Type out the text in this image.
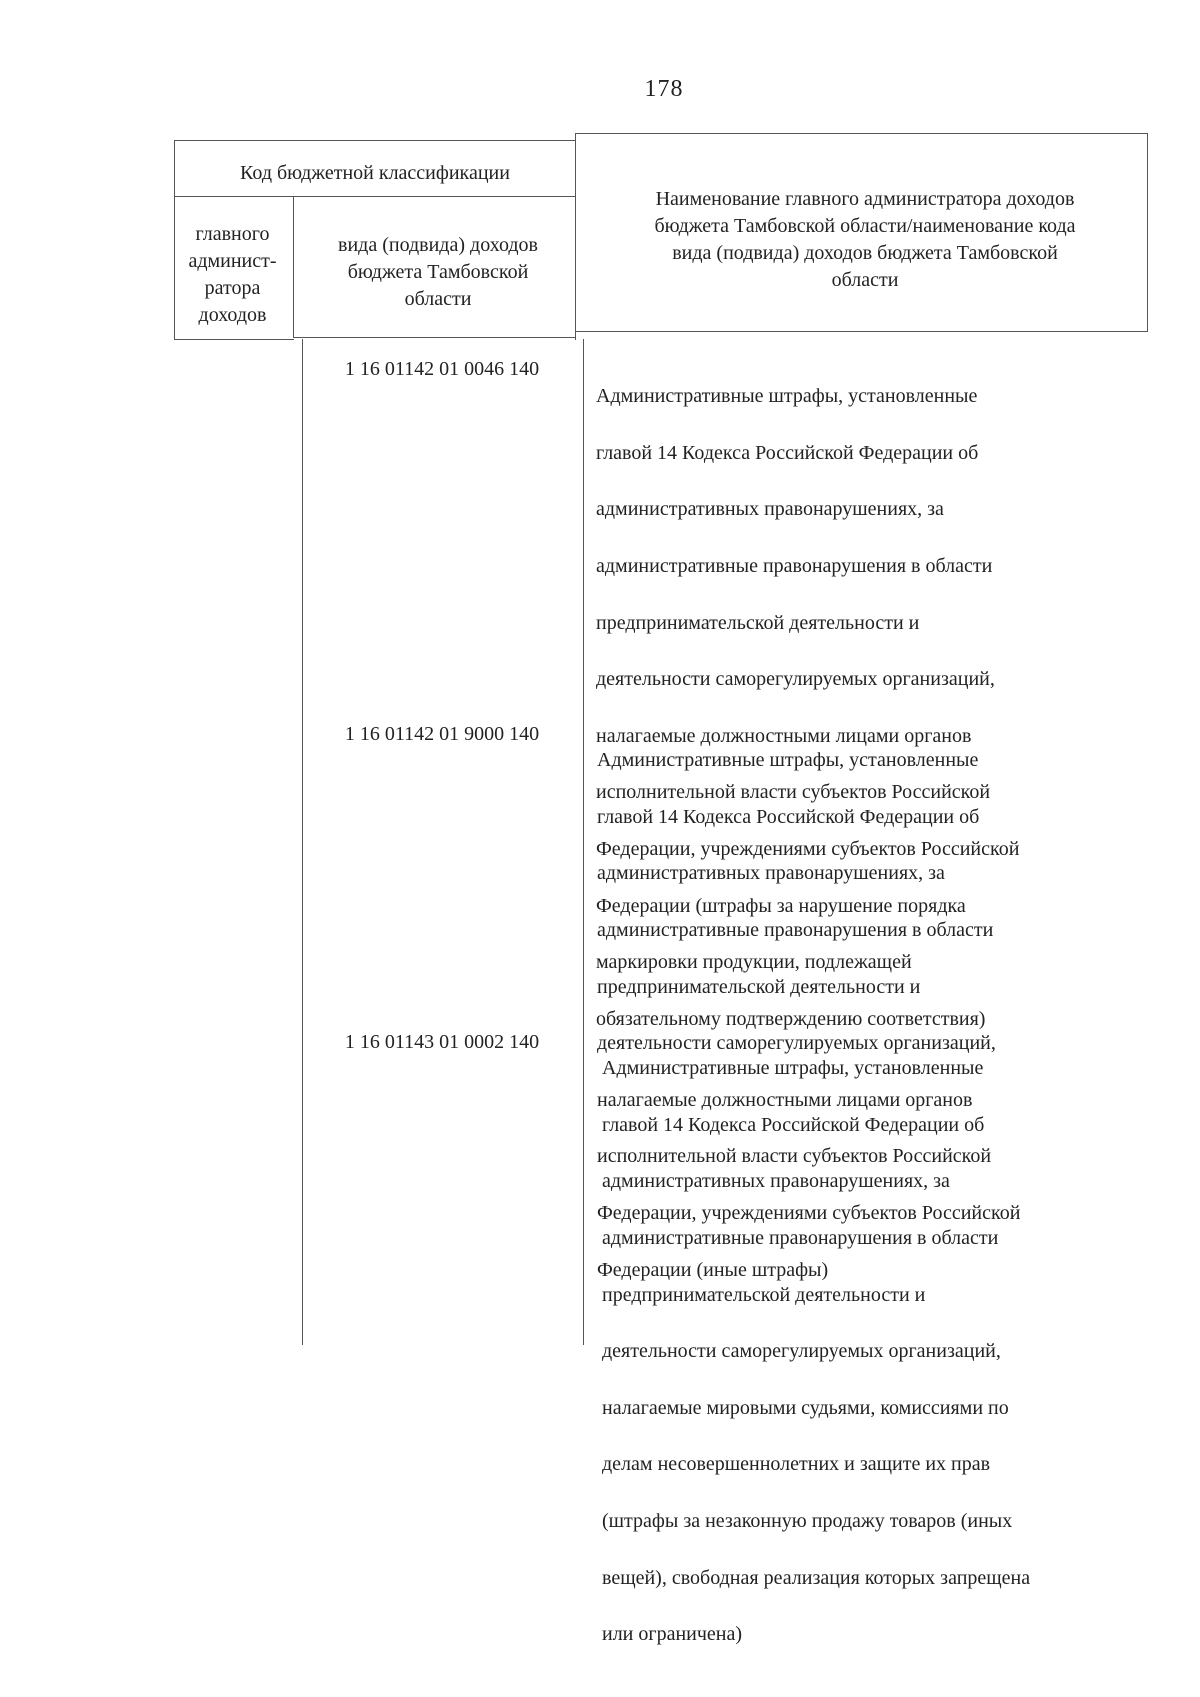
178
Код бюджетной классификации
главного
админист-
ратора
доходов
вида (подвида) доходов
бюджета Тамбовской
области
Наименование главного администратора доходов
бюджета Тамбовской области/наименование кода
вида (подвида) доходов бюджета Тамбовской
области
1 16 01142 01 0046 140

Административные штрафы, установленные

главой 14 Кодекса Российской Федерации об

административных правонарушениях, за

административные правонарушения в области

предпринимательской деятельности и

деятельности саморегулируемых организаций,

налагаемые должностными лицами органов

исполнительной власти субъектов Российской

Федерации, учреждениями субъектов Российской

Федерации (штрафы за нарушение порядка

маркировки продукции, подлежащей

обязательному подтверждению соответствия)

1 16 01142 01 9000 140

Административные штрафы, установленные

главой 14 Кодекса Российской Федерации об

административных правонарушениях, за

административные правонарушения в области

предпринимательской деятельности и

деятельности саморегулируемых организаций,

налагаемые должностными лицами органов

исполнительной власти субъектов Российской

Федерации, учреждениями субъектов Российской

Федерации (иные штрафы)

1 16 01143 01 0002 140

Административные штрафы, установленные

главой 14 Кодекса Российской Федерации об

административных правонарушениях, за

административные правонарушения в области

предпринимательской деятельности и

деятельности саморегулируемых организаций,

налагаемые мировыми судьями, комиссиями по

делам несовершеннолетних и защите их прав

(штрафы за незаконную продажу товаров (иных

вещей), свободная реализация которых запрещена

или ограничена)
